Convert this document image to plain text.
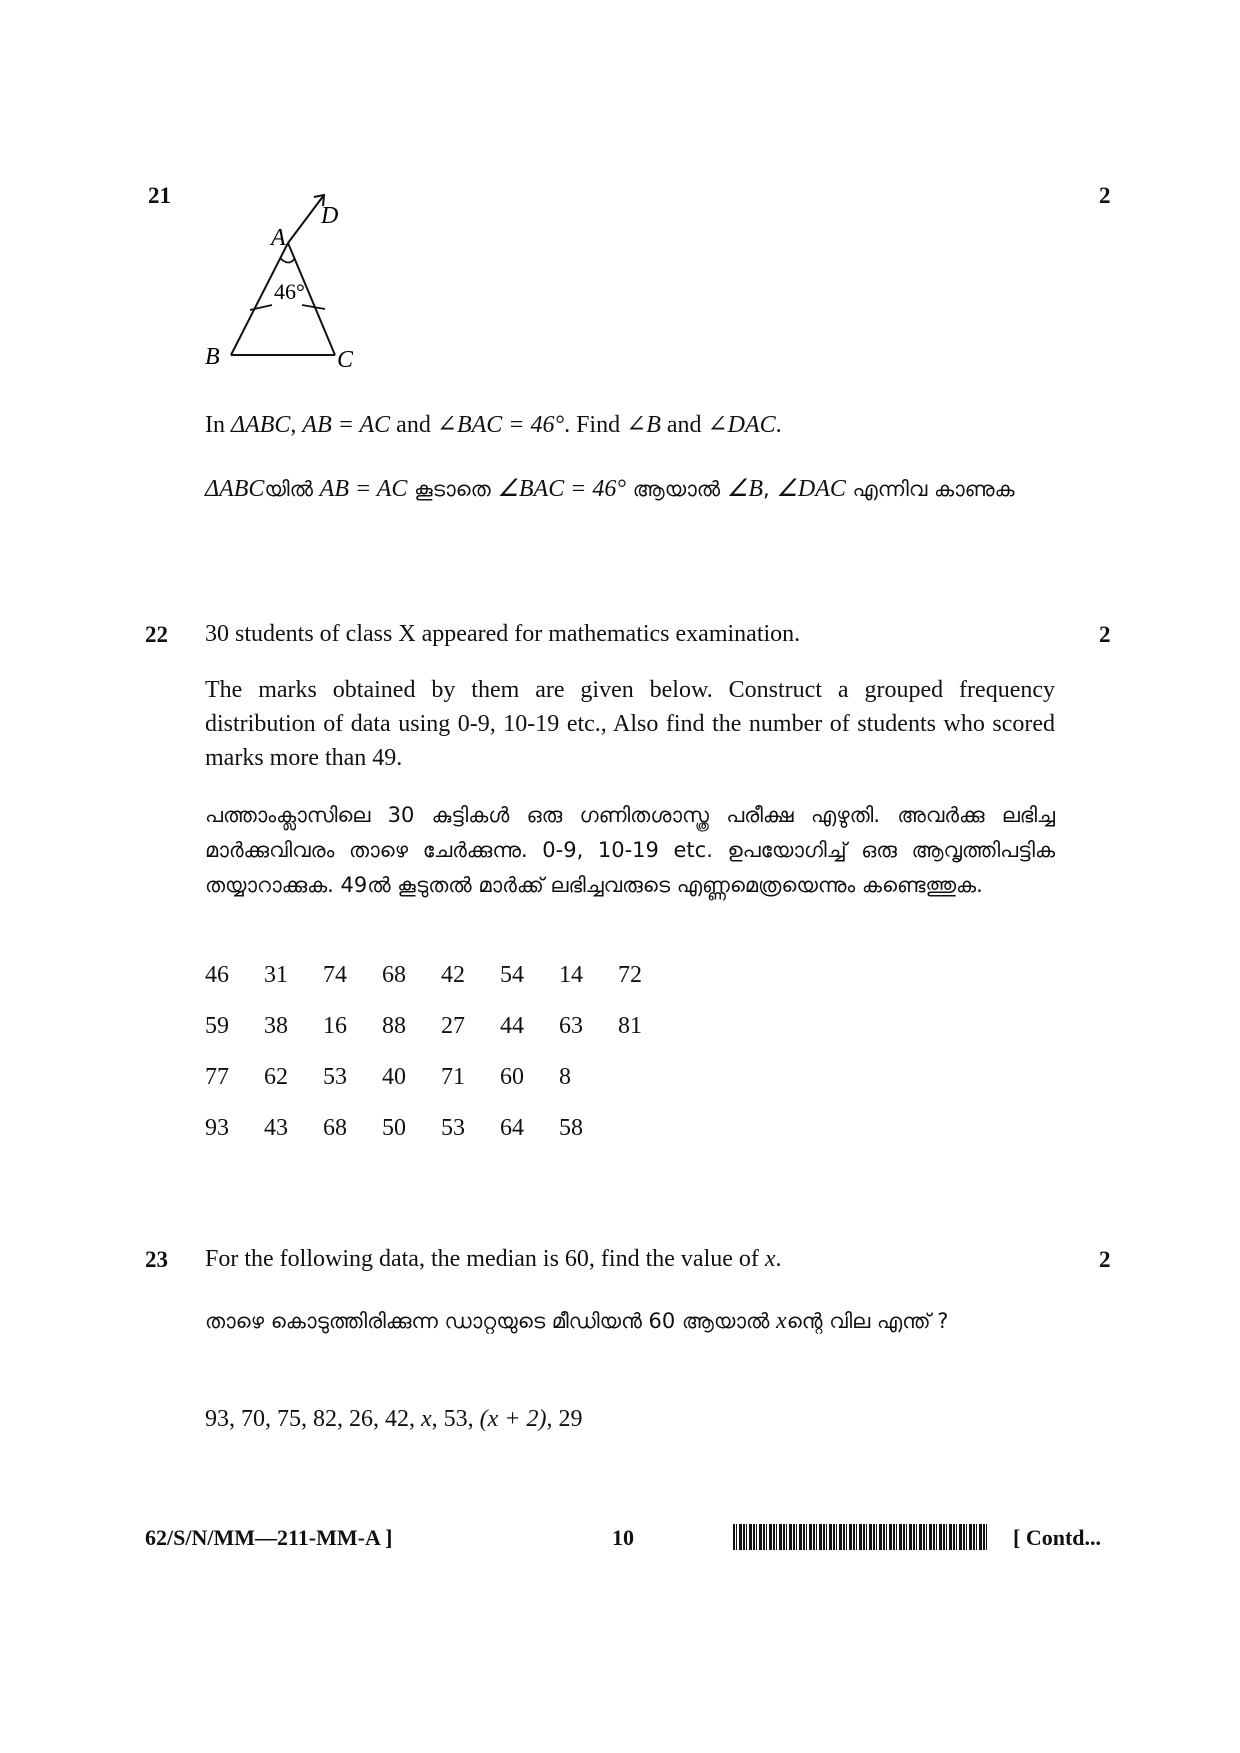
21	2
A
D
B	C
46°
In ΔABC, AB = AC and ∠BAC = 46°. Find ∠B and ∠DAC.
ΔABCയിൽ AB = AC കൂടാതെ ∠BAC = 46° ആയാൽ ∠B, ∠DAC എന്നിവ കാണുക
22	2
30 students of class X appeared for mathematics examination.
The marks obtained by them are given below. Construct a grouped frequency distribution of data using 0-9, 10-19 etc., Also find the number of students who scored marks more than 49.
പത്താംക്ലാസിലെ 30 കുട്ടികൾ ഒരു ഗണിതശാസ്ത്ര പരീക്ഷ എഴുതി. അവർക്കു ലഭിച്ച മാർക്കുവിവരം താഴെ ചേർക്കുന്നു. 0-9, 10-19 etc. ഉപയോഗിച്ച് ഒരു ആവൃത്തിപട്ടിക തയ്യാറാക്കുക. 49ൽ കൂടുതൽ മാർക്ക് ലഭിച്ചവരുടെ എണ്ണമെത്രയെന്നും കണ്ടെത്തുക.
46	31	74	68	42	54	14	72
59	38	16	88	27	44	63	81
77	62	53	40	71	60	8
93	43	68	50	53	64	58
23	2
For the following data, the median is 60, find the value of x.
താഴെ കൊടുത്തിരിക്കുന്ന ഡാറ്റയുടെ മീഡിയൻ 60 ആയാൽ xന്റെ വില എന്ത് ?
93, 70, 75, 82, 26, 42, x, 53, (x + 2), 29
62/S/N/MM—211-MM-A ]	10	[ Contd...
